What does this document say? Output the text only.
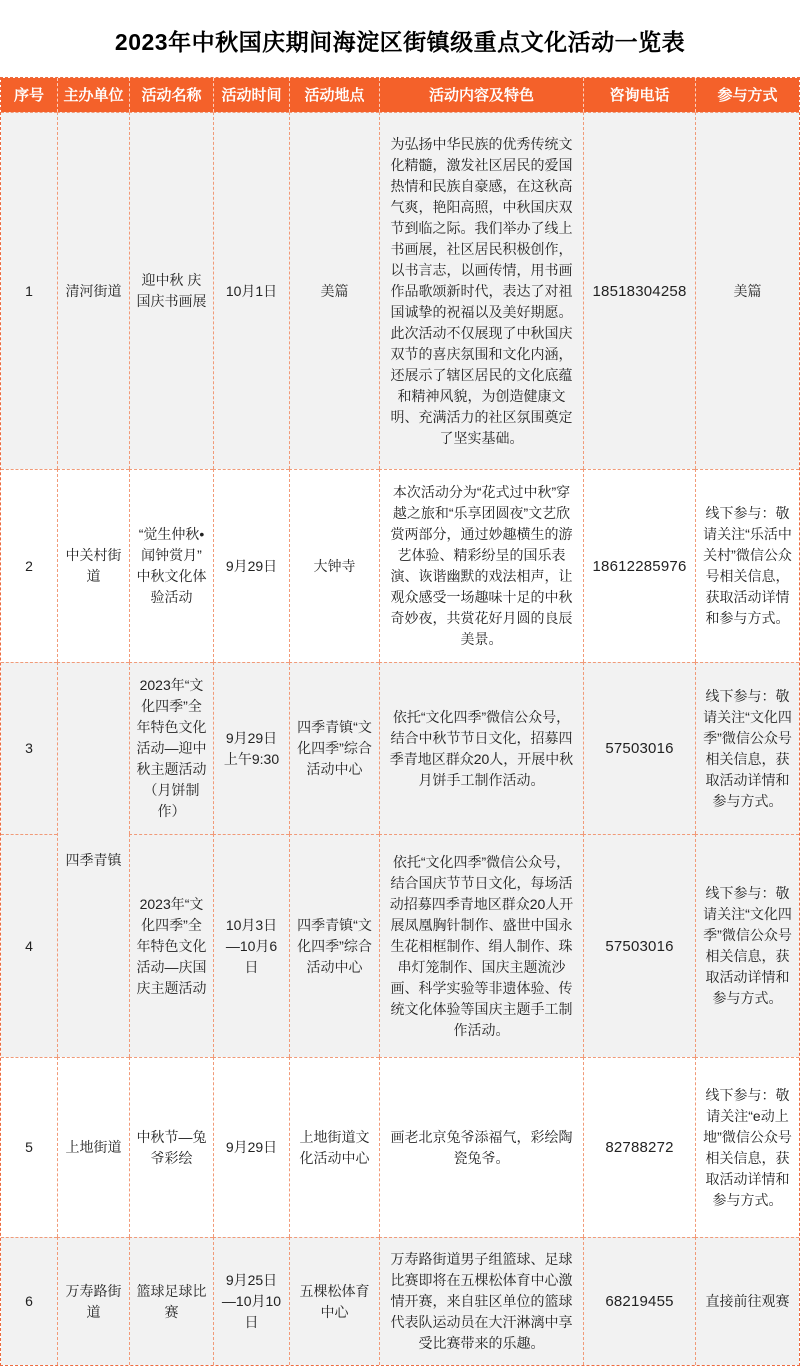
2023年中秋国庆期间海淀区街镇级重点文化活动一览表
序号	主办单位	活动名称	活动时间	活动地点	活动内容及特色	咨询电话	参与方式
1	清河街道	迎中秋 庆国庆书画展	10月1日	美篇	为弘扬中华民族的优秀传统文化精髓，激发社区居民的爱国热情和民族自豪感，在这秋高气爽，艳阳高照，中秋国庆双节到临之际。我们举办了线上书画展，社区居民积极创作，以书言志，以画传情，用书画作品歌颂新时代，表达了对祖国诚挚的祝福以及美好期愿。此次活动不仅展现了中秋国庆双节的喜庆氛围和文化内涵，还展示了辖区居民的文化底蕴和精神风貌，为创造健康文明、充满活力的社区氛围奠定了坚实基础。	18518304258	美篇
2	中关村街道	“觉生仲秋•闻钟赏月” 中秋文化体验活动	9月29日	大钟寺	本次活动分为“花式过中秋”穿越之旅和“乐享团圆夜”文艺欣赏两部分，通过妙趣横生的游艺体验、精彩纷呈的国乐表演、诙谐幽默的戏法相声，让观众感受一场趣味十足的中秋奇妙夜，共赏花好月圆的良辰美景。	18612285976	线下参与：敬请关注“乐活中关村”微信公众号相关信息，获取活动详情和参与方式。
3	四季青镇	2023年“文化四季”全年特色文化活动—迎中秋主题活动（月饼制作）	9月29日上午9:30	四季青镇“文化四季”综合活动中心	依托“文化四季”微信公众号，结合中秋节节日文化，招募四季青地区群众20人，开展中秋月饼手工制作活动。	57503016	线下参与：敬请关注“文化四季”微信公众号相关信息，获取活动详情和参与方式。
4		2023年“文化四季”全年特色文化活动—庆国庆主题活动	10月3日—10月6日	四季青镇“文化四季”综合活动中心	依托“文化四季”微信公众号，结合国庆节节日文化，每场活动招募四季青地区群众20人开展凤凰胸针制作、盛世中国永生花相框制作、绢人制作、珠串灯笼制作、国庆主题流沙画、科学实验等非遗体验、传统文化体验等国庆主题手工制作活动。	57503016	线下参与：敬请关注“文化四季”微信公众号相关信息，获取活动详情和参与方式。
5	上地街道	中秋节—兔爷彩绘	9月29日	上地街道文化活动中心	画老北京兔爷添福气，彩绘陶瓷兔爷。	82788272	线下参与：敬请关注“e动上地”微信公众号相关信息，获取活动详情和参与方式。
6	万寿路街道	篮球足球比赛	9月25日—10月10日	五棵松体育中心	万寿路街道男子组篮球、足球比赛即将在五棵松体育中心激情开赛，来自驻区单位的篮球代表队运动员在大汗淋漓中享受比赛带来的乐趣。	68219455	直接前往观赛
